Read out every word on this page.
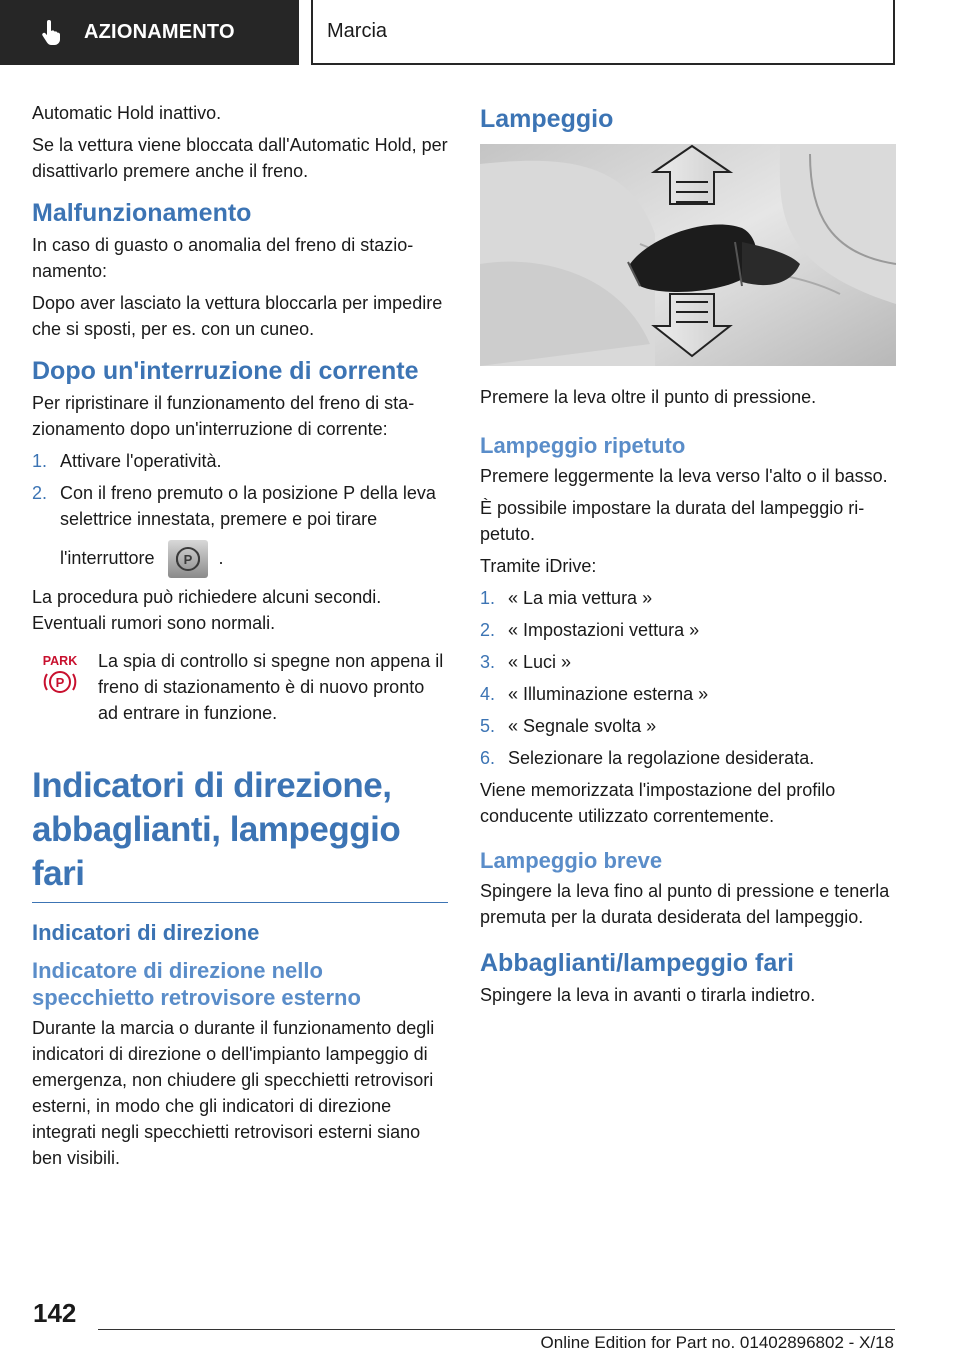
AZIONAMENTO	Marcia

Automatic Hold inattivo.

Se la vettura viene bloccata dall'Automatic Hold, per disattivarlo premere anche il freno.

Malfunzionamento

In caso di guasto o anomalia del freno di stazionamento:

Dopo aver lasciato la vettura bloccarla per impedire che si sposti, per es. con un cuneo.

Dopo un'interruzione di corrente

Per ripristinare il funzionamento del freno di stazionamento dopo un'interruzione di corrente:

1. Attivare l'operatività.
2. Con il freno premuto o la posizione P della leva selettrice innestata, premere e poi tirare
l'interruttore P .

La procedura può richiedere alcuni secondi. Eventuali rumori sono normali.

PARK
P
La spia di controllo si spegne non appena il freno di stazionamento è di nuovo pronto ad entrare in funzione.
Indicatori di direzione, abbaglianti, lampeggio fari
Indicatori di direzione
Indicatore di direzione nello specchietto retrovisore esterno

Durante la marcia o durante il funzionamento degli indicatori di direzione o dell'impianto lampeggio di emergenza, non chiudere gli specchietti retrovisori esterni, in modo che gli indicatori di direzione integrati negli specchietti retrovisori esterni siano ben visibili.

Lampeggio

Premere la leva oltre il punto di pressione.

Lampeggio ripetuto

Premere leggermente la leva verso l'alto o il basso.

È possibile impostare la durata del lampeggio ripetuto.

Tramite iDrive:

1. « La mia vettura »
2. « Impostazioni vettura »
3. « Luci »
4. « Illuminazione esterna »
5. « Segnale svolta »
6. Selezionare la regolazione desiderata.

Viene memorizzata l'impostazione del profilo conducente utilizzato correntemente.

Lampeggio breve

Spingere la leva fino al punto di pressione e tenerla premuta per la durata desiderata del lampeggio.

Abbaglianti/lampeggio fari

Spingere la leva in avanti o tirarla indietro.

142
Online Edition for Part no. 01402896802 - X/18
